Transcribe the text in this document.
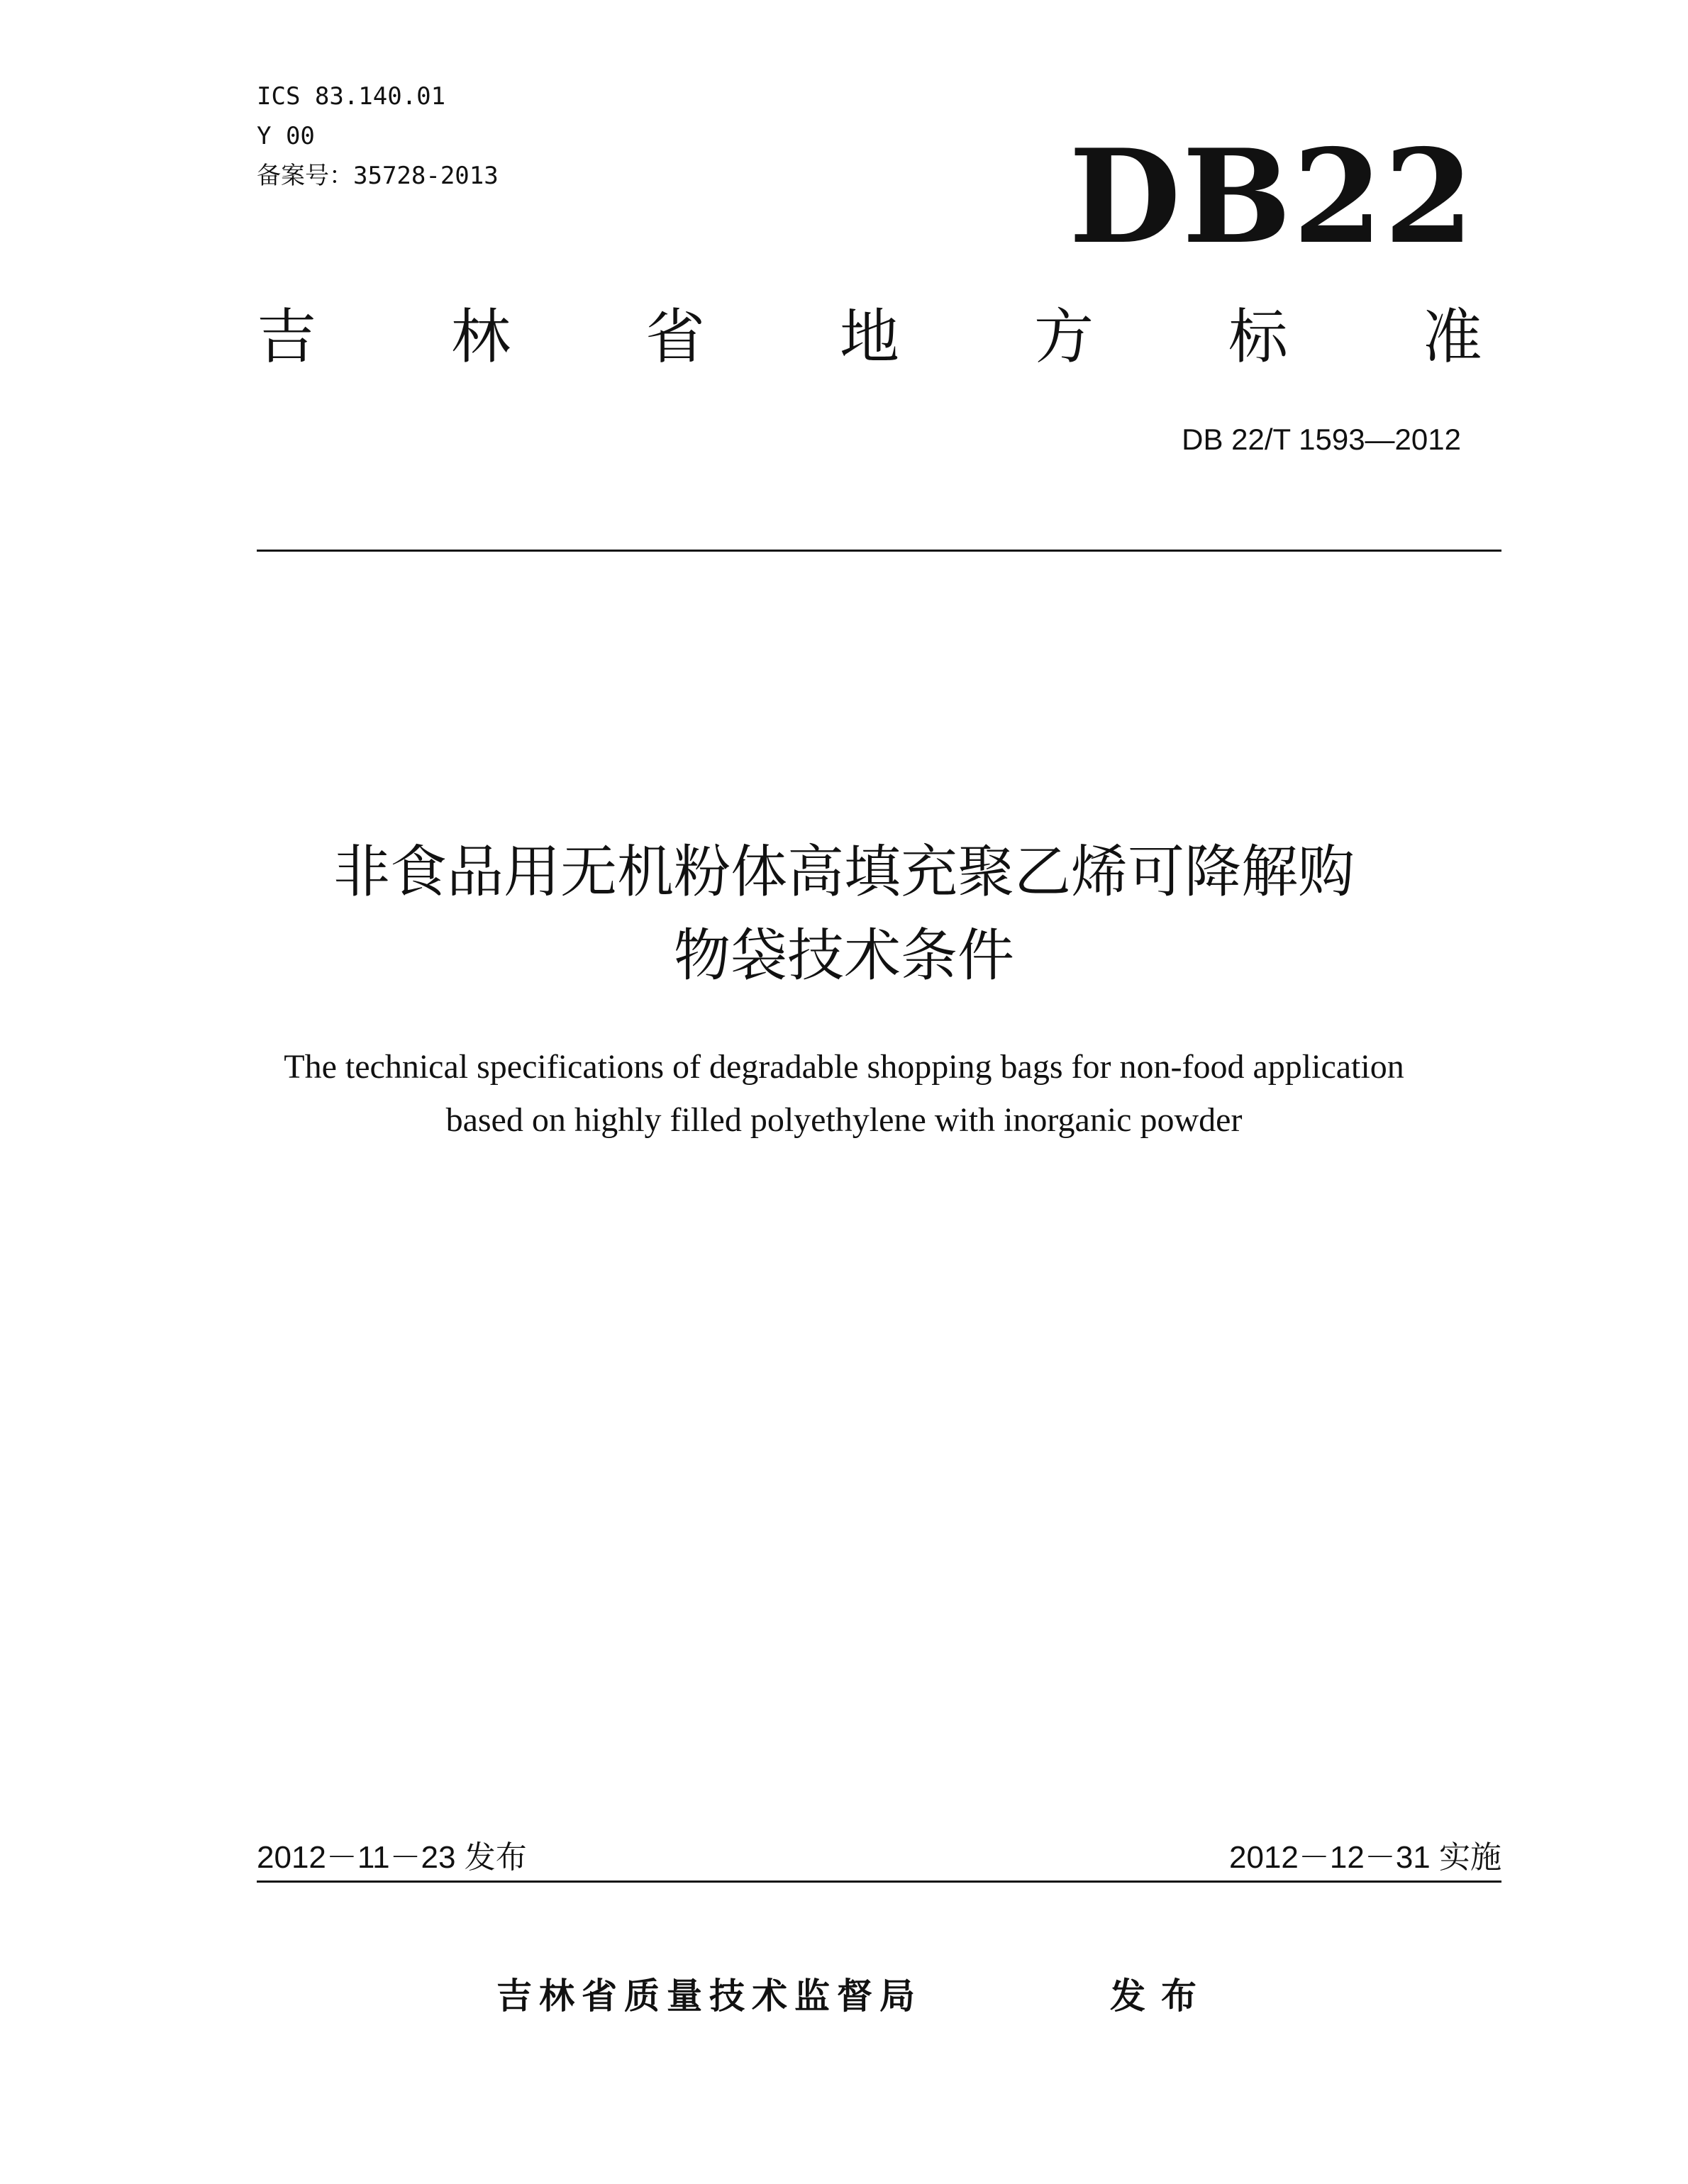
ICS 83.140.01
Y 00
备案号：35728-2013	DB22
吉 林 省 地 方 标 准
DB 22/T 1593—2012
非食品用无机粉体高填充聚乙烯可降解购
物袋技术条件
The technical specifications of degradable shopping bags for non-food application
based on highly filled polyethylene with inorganic powder
2012－11－23 发布	2012－12－31 实施
吉林省质量技术监督局	发布
